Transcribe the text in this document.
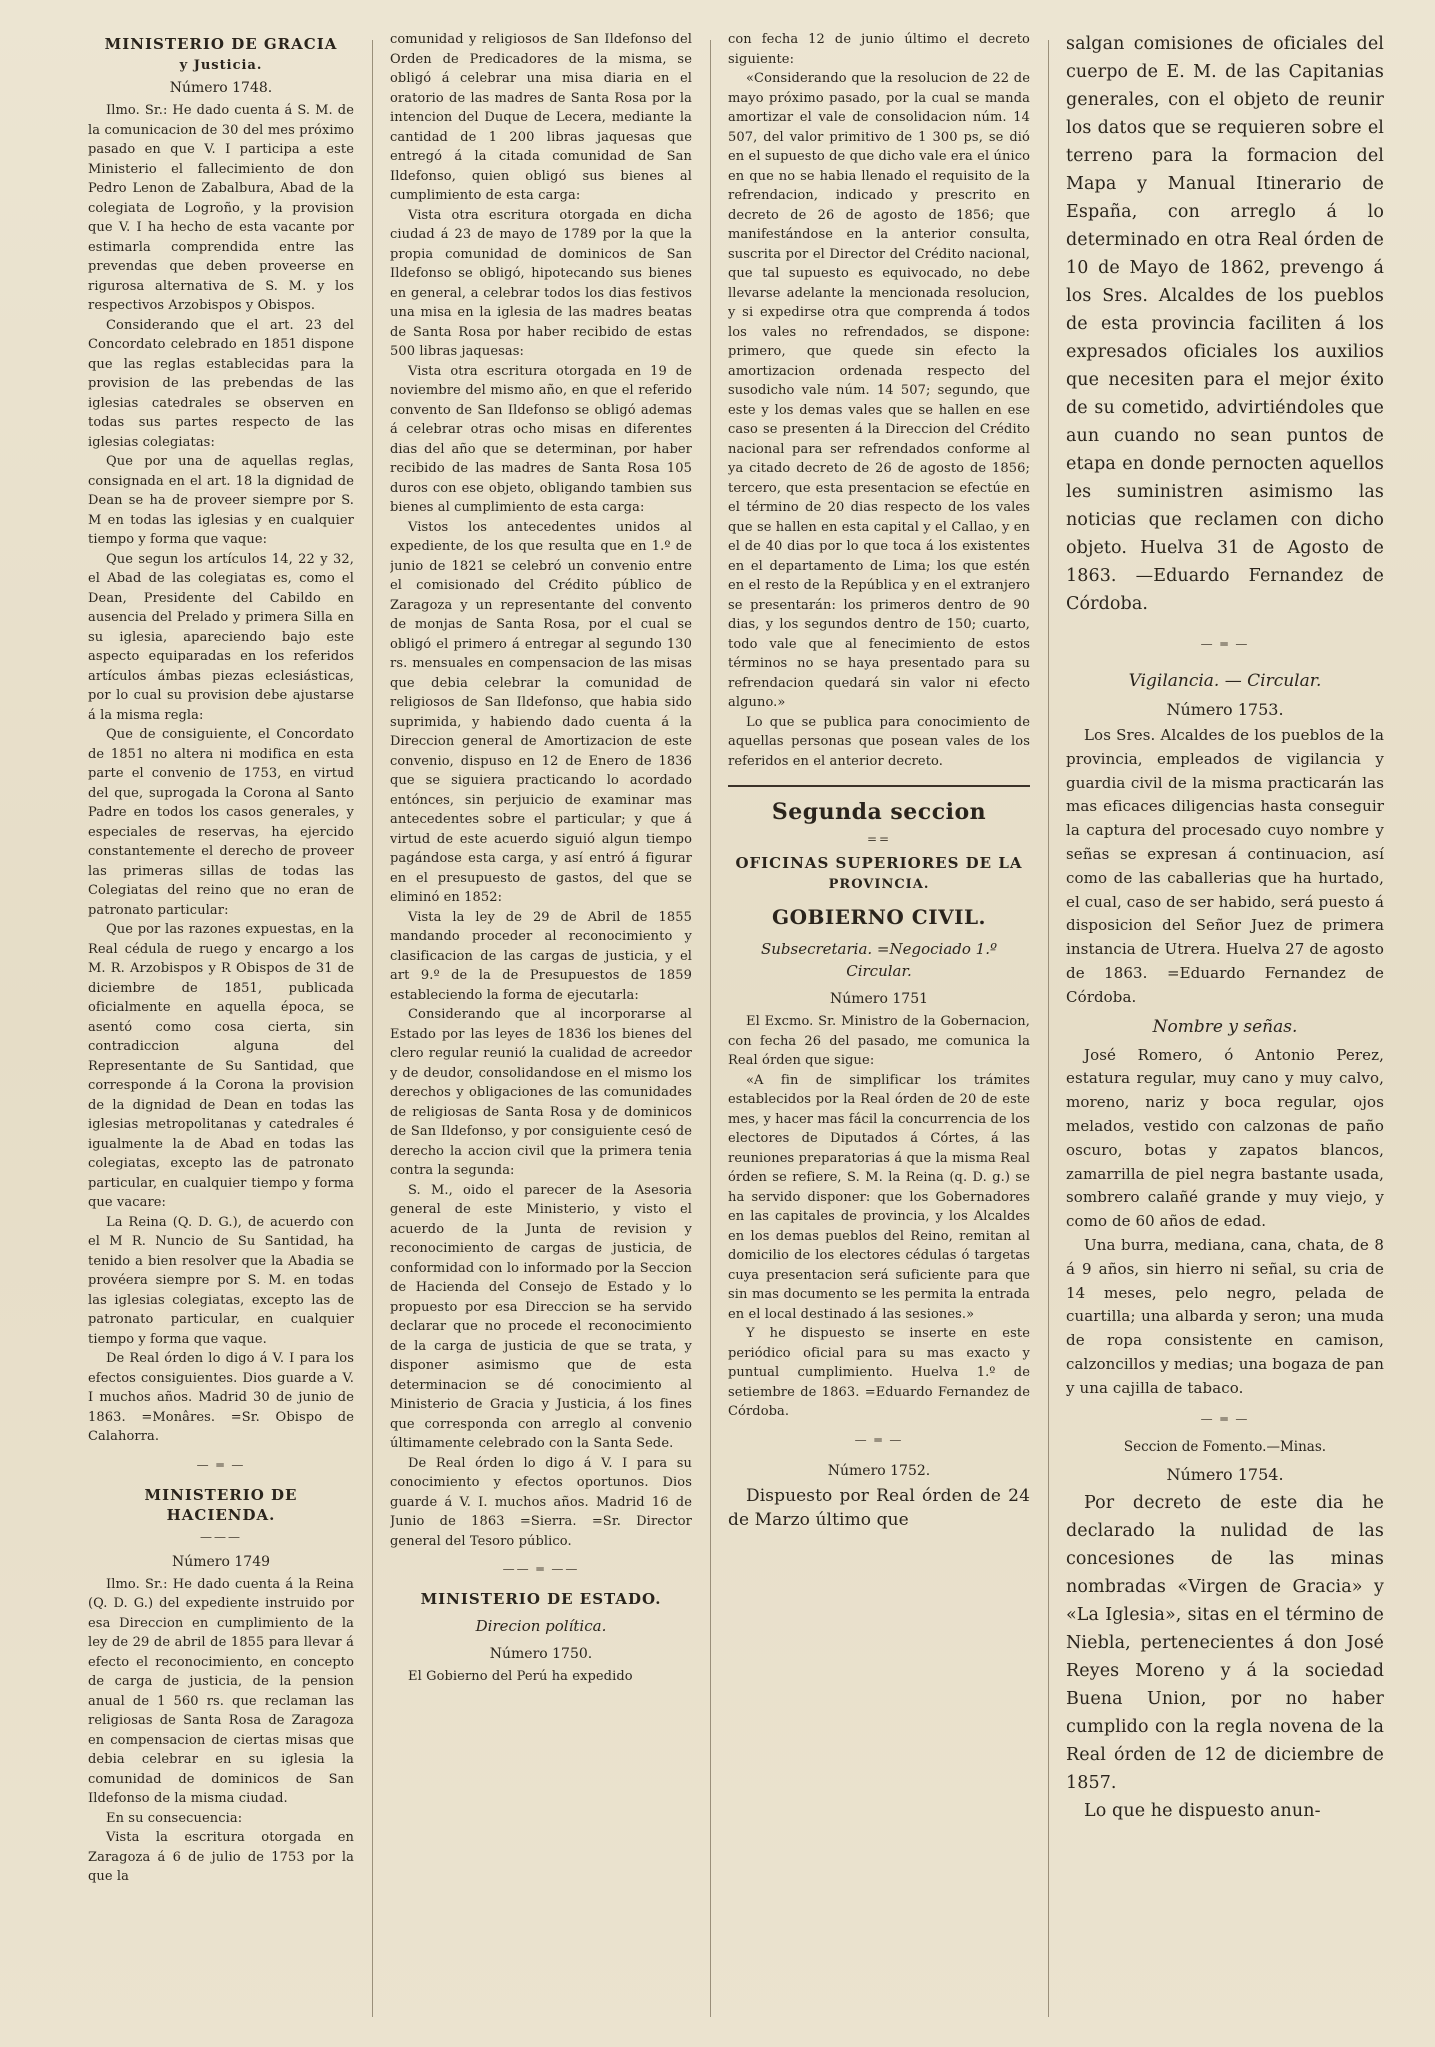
MINISTERIO DE GRACIA
y Justicia.
Número 1748.

Ilmo. Sr.: He dado cuenta á S. M. de la comunicacion de 30 del mes próximo pasado en que V. I participa a este Ministerio el fallecimiento de don Pedro Lenon de Zabalbura, Abad de la colegiata de Logroño, y la provision que V. I ha hecho de esta vacante por estimarla comprendida entre las prevendas que deben proveerse en rigurosa alternativa de S. M. y los respectivos Arzobispos y Obispos.

Considerando que el art. 23 del Concordato celebrado en 1851 dispone que las reglas establecidas para la provision de las prebendas de las iglesias catedrales se observen en todas sus partes respecto de las iglesias colegiatas:

Que por una de aquellas reglas, consignada en el art. 18 la dignidad de Dean se ha de proveer siempre por S. M en todas las iglesias y en cualquier tiempo y forma que vaque:

Que segun los artículos 14, 22 y 32, el Abad de las colegiatas es, como el Dean, Presidente del Cabildo en ausencia del Prelado y primera Silla en su iglesia, apareciendo bajo este aspecto equiparadas en los referidos artículos ámbas piezas eclesiásticas, por lo cual su provision debe ajustarse á la misma regla:

Que de consiguiente, el Concordato de 1851 no altera ni modifica en esta parte el convenio de 1753, en virtud del que, suprogada la Corona al Santo Padre en todos los casos generales, y especiales de reservas, ha ejercido constantemente el derecho de proveer las primeras sillas de todas las Colegiatas del reino que no eran de patronato particular:

Que por las razones expuestas, en la Real cédula de ruego y encargo a los M. R. Arzobispos y R Obispos de 31 de diciembre de 1851, publicada oficialmente en aquella época, se asentó como cosa cierta, sin contradiccion alguna del Representante de Su Santidad, que corresponde á la Corona la provision de la dignidad de Dean en todas las iglesias metropolitanas y catedrales é igualmente la de Abad en todas las colegiatas, excepto las de patronato particular, en cualquier tiempo y forma que vacare:

La Reina (Q. D. G.), de acuerdo con el M R. Nuncio de Su Santidad, ha tenido a bien resolver que la Abadia se provéera siempre por S. M. en todas las iglesias colegiatas, excepto las de patronato particular, en cualquier tiempo y forma que vaque.

De Real órden lo digo á V. I para los efectos consiguientes. Dios guarde a V. I muchos años. Madrid 30 de junio de 1863. =Monâres. =Sr. Obispo de Calahorra.

— ═ —
MINISTERIO DE HACIENDA.
———
Número 1749

Ilmo. Sr.: He dado cuenta á la Reina (Q. D. G.) del expediente instruido por esa Direccion en cumplimiento de la ley de 29 de abril de 1855 para llevar á efecto el reconocimiento, en concepto de carga de justicia, de la pension anual de 1 560 rs. que reclaman las religiosas de Santa Rosa de Zaragoza en compensacion de ciertas misas que debia celebrar en su iglesia la comunidad de dominicos de San Ildefonso de la misma ciudad.

En su consecuencia:

Vista la escritura otorgada en Zaragoza á 6 de julio de 1753 por la que la

comunidad y religiosos de San Ildefonso del Orden de Predicadores de la misma, se obligó á celebrar una misa diaria en el oratorio de las madres de Santa Rosa por la intencion del Duque de Lecera, mediante la cantidad de 1 200 libras jaquesas que entregó á la citada comunidad de San Ildefonso, quien obligó sus bienes al cumplimiento de esta carga:

Vista otra escritura otorgada en dicha ciudad á 23 de mayo de 1789 por la que la propia comunidad de dominicos de San Ildefonso se obligó, hipotecando sus bienes en general, a celebrar todos los dias festivos una misa en la iglesia de las madres beatas de Santa Rosa por haber recibido de estas 500 libras jaquesas:

Vista otra escritura otorgada en 19 de noviembre del mismo año, en que el referido convento de San Ildefonso se obligó ademas á celebrar otras ocho misas en diferentes dias del año que se determinan, por haber recibido de las madres de Santa Rosa 105 duros con ese objeto, obligando tambien sus bienes al cumplimiento de esta carga:

Vistos los antecedentes unidos al expediente, de los que resulta que en 1.º de junio de 1821 se celebró un convenio entre el comisionado del Crédito público de Zaragoza y un representante del convento de monjas de Santa Rosa, por el cual se obligó el primero á entregar al segundo 130 rs. mensuales en compensacion de las misas que debia celebrar la comunidad de religiosos de San Ildefonso, que habia sido suprimida, y habiendo dado cuenta á la Direccion general de Amortizacion de este convenio, dispuso en 12 de Enero de 1836 que se siguiera practicando lo acordado entónces, sin perjuicio de examinar mas antecedentes sobre el particular; y que á virtud de este acuerdo siguió algun tiempo pagándose esta carga, y así entró á figurar en el presupuesto de gastos, del que se eliminó en 1852:

Vista la ley de 29 de Abril de 1855 mandando proceder al reconocimiento y clasificacion de las cargas de justicia, y el art 9.º de la de Presupuestos de 1859 estableciendo la forma de ejecutarla:

Considerando que al incorporarse al Estado por las leyes de 1836 los bienes del clero regular reunió la cualidad de acreedor y de deudor, consolidandose en el mismo los derechos y obligaciones de las comunidades de religiosas de Santa Rosa y de dominicos de San Ildefonso, y por consiguiente cesó de derecho la accion civil que la primera tenia contra la segunda:

S. M., oido el parecer de la Asesoria general de este Ministerio, y visto el acuerdo de la Junta de revision y reconocimiento de cargas de justicia, de conformidad con lo informado por la Seccion de Hacienda del Consejo de Estado y lo propuesto por esa Direccion se ha servido declarar que no procede el reconocimiento de la carga de justicia de que se trata, y disponer asimismo que de esta determinacion se dé conocimiento al Ministerio de Gracia y Justicia, á los fines que corresponda con arreglo al convenio últimamente celebrado con la Santa Sede.

De Real órden lo digo á V. I para su conocimiento y efectos oportunos. Dios guarde á V. I. muchos años. Madrid 16 de Junio de 1863 =Sierra. =Sr. Director general del Tesoro público.

—— ═ ——
MINISTERIO DE ESTADO.
Direcion política.
Número 1750.

El Gobierno del Perú ha expedido

con fecha 12 de junio último el decreto siguiente:

«Considerando que la resolucion de 22 de mayo próximo pasado, por la cual se manda amortizar el vale de consolidacion núm. 14 507, del valor primitivo de 1 300 ps, se dió en el supuesto de que dicho vale era el único en que no se habia llenado el requisito de la refrendacion, indicado y prescrito en decreto de 26 de agosto de 1856; que manifestándose en la anterior consulta, suscrita por el Director del Crédito nacional, que tal supuesto es equivocado, no debe llevarse adelante la mencionada resolucion, y si expedirse otra que comprenda á todos los vales no refrendados, se dispone: primero, que quede sin efecto la amortizacion ordenada respecto del susodicho vale núm. 14 507; segundo, que este y los demas vales que se hallen en ese caso se presenten á la Direccion del Crédito nacional para ser refrendados conforme al ya citado decreto de 26 de agosto de 1856; tercero, que esta presentacion se efectúe en el término de 20 dias respecto de los vales que se hallen en esta capital y el Callao, y en el de 40 dias por lo que toca á los existentes en el departamento de Lima; los que estén en el resto de la República y en el extranjero se presentarán: los primeros dentro de 90 dias, y los segundos dentro de 150; cuarto, todo vale que al fenecimiento de estos términos no se haya presentado para su refrendacion quedará sin valor ni efecto alguno.»

Lo que se publica para conocimiento de aquellas personas que posean vales de los referidos en el anterior decreto.

Segunda seccion
==
OFICINAS SUPERIORES DE LA
PROVINCIA.
GOBIERNO CIVIL.
Subsecretaria. =Negociado 1.º
Circular.
Número 1751

El Excmo. Sr. Ministro de la Gobernacion, con fecha 26 del pasado, me comunica la Real órden que sigue:

«A fin de simplificar los trámites establecidos por la Real órden de 20 de este mes, y hacer mas fácil la concurrencia de los electores de Diputados á Córtes, á las reuniones preparatorias á que la misma Real órden se refiere, S. M. la Reina (q. D. g.) se ha servido disponer: que los Gobernadores en las capitales de provincia, y los Alcaldes en los demas pueblos del Reino, remitan al domicilio de los electores cédulas ó targetas cuya presentacion será suficiente para que sin mas documento se les permita la entrada en el local destinado á las sesiones.»

Y he dispuesto se inserte en este periódico oficial para su mas exacto y puntual cumplimiento. Huelva 1.º de setiembre de 1863. =Eduardo Fernandez de Córdoba.

— ═ —
Número 1752.

Dispuesto por Real órden de 24 de Marzo último que

salgan comisiones de oficiales del cuerpo de E. M. de las Capitanias generales, con el objeto de reunir los datos que se requieren sobre el terreno para la formacion del Mapa y Manual Itinerario de España, con arreglo á lo determinado en otra Real órden de 10 de Mayo de 1862, prevengo á los Sres. Alcaldes de los pueblos de esta provincia faciliten á los expresados oficiales los auxilios que necesiten para el mejor éxito de su cometido, advirtiéndoles que aun cuando no sean puntos de etapa en donde pernocten aquellos les suministren asimismo las noticias que reclamen con dicho objeto. Huelva 31 de Agosto de 1863. —Eduardo Fernandez de Córdoba.

— ═ —
Vigilancia. — Circular.
Número 1753.

Los Sres. Alcaldes de los pueblos de la provincia, empleados de vigilancia y guardia civil de la misma practicarán las mas eficaces diligencias hasta conseguir la captura del procesado cuyo nombre y señas se expresan á continuacion, así como de las caballerias que ha hurtado, el cual, caso de ser habido, será puesto á disposicion del Señor Juez de primera instancia de Utrera. Huelva 27 de agosto de 1863. =Eduardo Fernandez de Córdoba.

Nombre y señas.

José Romero, ó Antonio Perez, estatura regular, muy cano y muy calvo, moreno, nariz y boca regular, ojos melados, vestido con calzonas de paño oscuro, botas y zapatos blancos, zamarrilla de piel negra bastante usada, sombrero calañé grande y muy viejo, y como de 60 años de edad.

Una burra, mediana, cana, chata, de 8 á 9 años, sin hierro ni señal, su cria de 14 meses, pelo negro, pelada de cuartilla; una albarda y seron; una muda de ropa consistente en camison, calzoncillos y medias; una bogaza de pan y una cajilla de tabaco.

— ═ —
Seccion de Fomento.—Minas.
Número 1754.

Por decreto de este dia he declarado la nulidad de las concesiones de las minas nombradas «Virgen de Gracia» y «La Iglesia», sitas en el término de Niebla, pertenecientes á don José Reyes Moreno y á la sociedad Buena Union, por no haber cumplido con la regla novena de la Real órden de 12 de diciembre de 1857.

Lo que he dispuesto anun-
